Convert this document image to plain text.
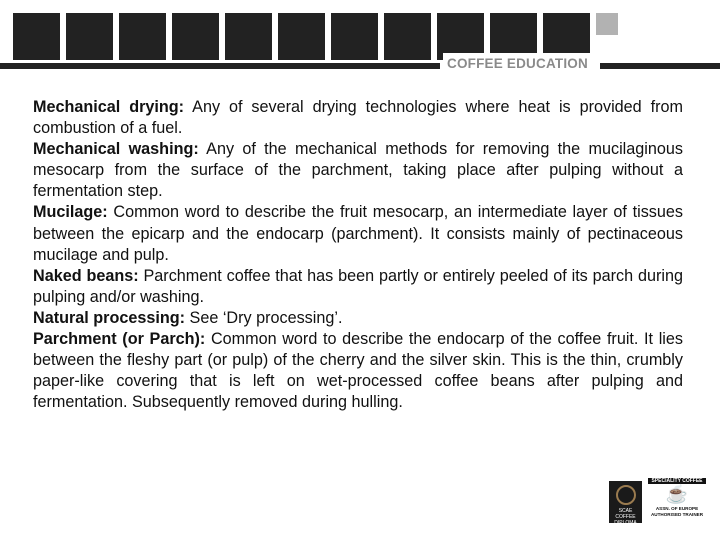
COFFEE EDUCATION

Mechanical drying: Any of several drying technologies where heat is provided from combustion of a fuel.

Mechanical washing: Any of the mechanical methods for removing the mucilaginous mesocarp from the surface of the parchment, taking place after pulping without a fermentation step.

Mucilage: Common word to describe the fruit mesocarp, an intermediate layer of tissues between the epicarp and the endocarp (parchment). It consists mainly of pectinaceous mucilage and pulp.

Naked beans: Parchment coffee that has been partly or entirely peeled of its parch during pulping and/or washing.

Natural processing: See ‘Dry processing’.

Parchment (or Parch): Common word to describe the endocarp of the coffee fruit. It lies between the fleshy part (or pulp) of the cherry and the silver skin. This is the thin, crumbly paper-like covering that is left on wet-processed coffee beans after pulping and fermentation. Subsequently removed during hulling.

SCAE COFFEE DIPLOMA
SPECIALITY COFFEE
☕
ASSN. OF EUROPE AUTHORISED TRAINER
